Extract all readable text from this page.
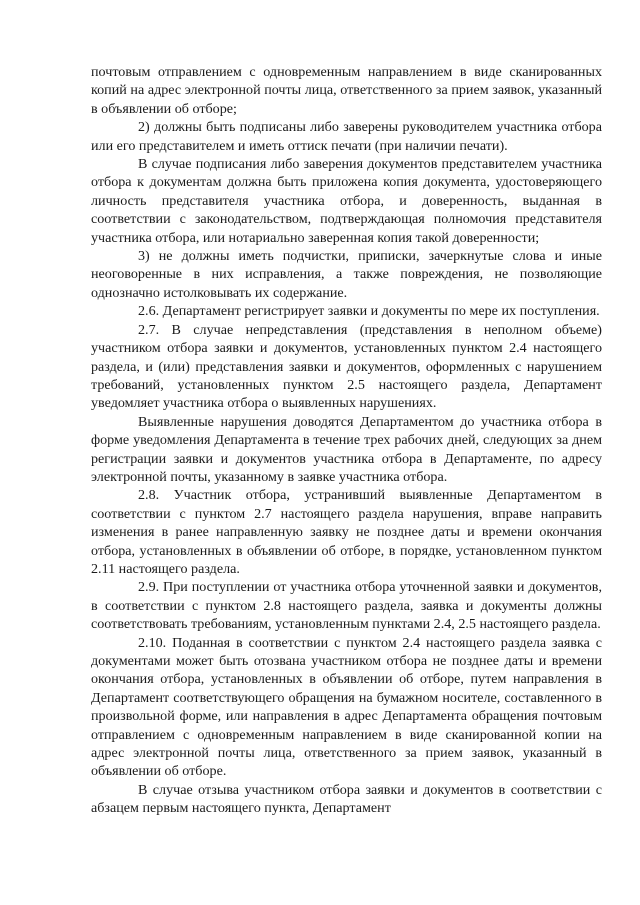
почтовым отправлением с одновременным направлением в виде сканированных копий на адрес электронной почты лица, ответственного за прием заявок, указанный в объявлении об отборе;

2) должны быть подписаны либо заверены руководителем участника отбора или его представителем и иметь оттиск печати (при наличии печати).

В случае подписания либо заверения документов представителем участника отбора к документам должна быть приложена копия документа, удостоверяющего личность представителя участника отбора, и доверенность, выданная в соответствии с законодательством, подтверждающая полномочия представителя участника отбора, или нотариально заверенная копия такой доверенности;

3) не должны иметь подчистки, приписки, зачеркнутые слова и иные неоговоренные в них исправления, а также повреждения, не позволяющие однозначно истолковывать их содержание.

2.6. Департамент регистрирует заявки и документы по мере их поступления.

2.7. В случае непредставления (представления в неполном объеме) участником отбора заявки и документов, установленных пунктом 2.4 настоящего раздела, и (или) представления заявки и документов, оформленных с нарушением требований, установленных пунктом 2.5 настоящего раздела, Департамент уведомляет участника отбора о выявленных нарушениях.

Выявленные нарушения доводятся Департаментом до участника отбора в форме уведомления Департамента в течение трех рабочих дней, следующих за днем регистрации заявки и документов участника отбора в Департаменте, по адресу электронной почты, указанному в заявке участника отбора.

2.8. Участник отбора, устранивший выявленные Департаментом в соответствии с пунктом 2.7 настоящего раздела нарушения, вправе направить изменения в ранее направленную заявку не позднее даты и времени окончания отбора, установленных в объявлении об отборе, в порядке, установленном пунктом 2.11 настоящего раздела.

2.9. При поступлении от участника отбора уточненной заявки и документов, в соответствии с пунктом 2.8 настоящего раздела, заявка и документы должны соответствовать требованиям, установленным пунктами 2.4, 2.5 настоящего раздела.

2.10. Поданная в соответствии с пунктом 2.4 настоящего раздела заявка с документами может быть отозвана участником отбора не позднее даты и времени окончания отбора, установленных в объявлении об отборе, путем направления в Департамент соответствующего обращения на бумажном носителе, составленного в произвольной форме, или направления в адрес Департамента обращения почтовым отправлением с одновременным направлением в виде сканированной копии на адрес электронной почты лица, ответственного за прием заявок, указанный в объявлении об отборе.

В случае отзыва участником отбора заявки и документов в соответствии с абзацем первым настоящего пункта, Департамент
